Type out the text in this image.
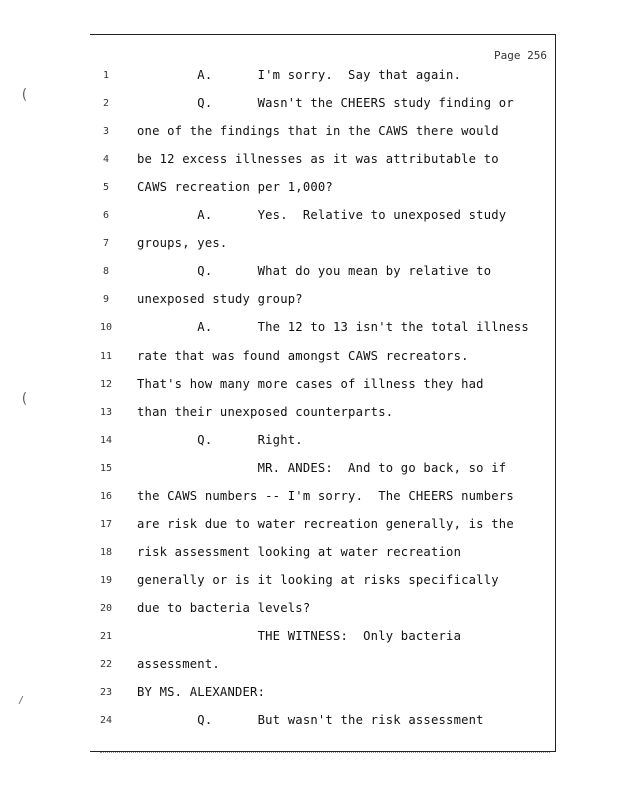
Page 256
1	A.      I'm sorry.  Say that again.
2	Q.      Wasn't the CHEERS study finding or
3	one of the findings that in the CAWS there would
4	be 12 excess illnesses as it was attributable to
5	CAWS recreation per 1,000?
6	A.      Yes.  Relative to unexposed study
7	groups, yes.
8	Q.      What do you mean by relative to
9	unexposed study group?
10	A.      The 12 to 13 isn't the total illness
11	rate that was found amongst CAWS recreators.
12	That's how many more cases of illness they had
13	than their unexposed counterparts.
14	Q.      Right.
15	MR. ANDES:  And to go back, so if
16	the CAWS numbers -- I'm sorry.  The CHEERS numbers
17	are risk due to water recreation generally, is the
18	risk assessment looking at water recreation
19	generally or is it looking at risks specifically
20	due to bacteria levels?
21	THE WITNESS:  Only bacteria
22	assessment.
23	BY MS. ALEXANDER:
24	Q.      But wasn't the risk assessment
(
(
/
